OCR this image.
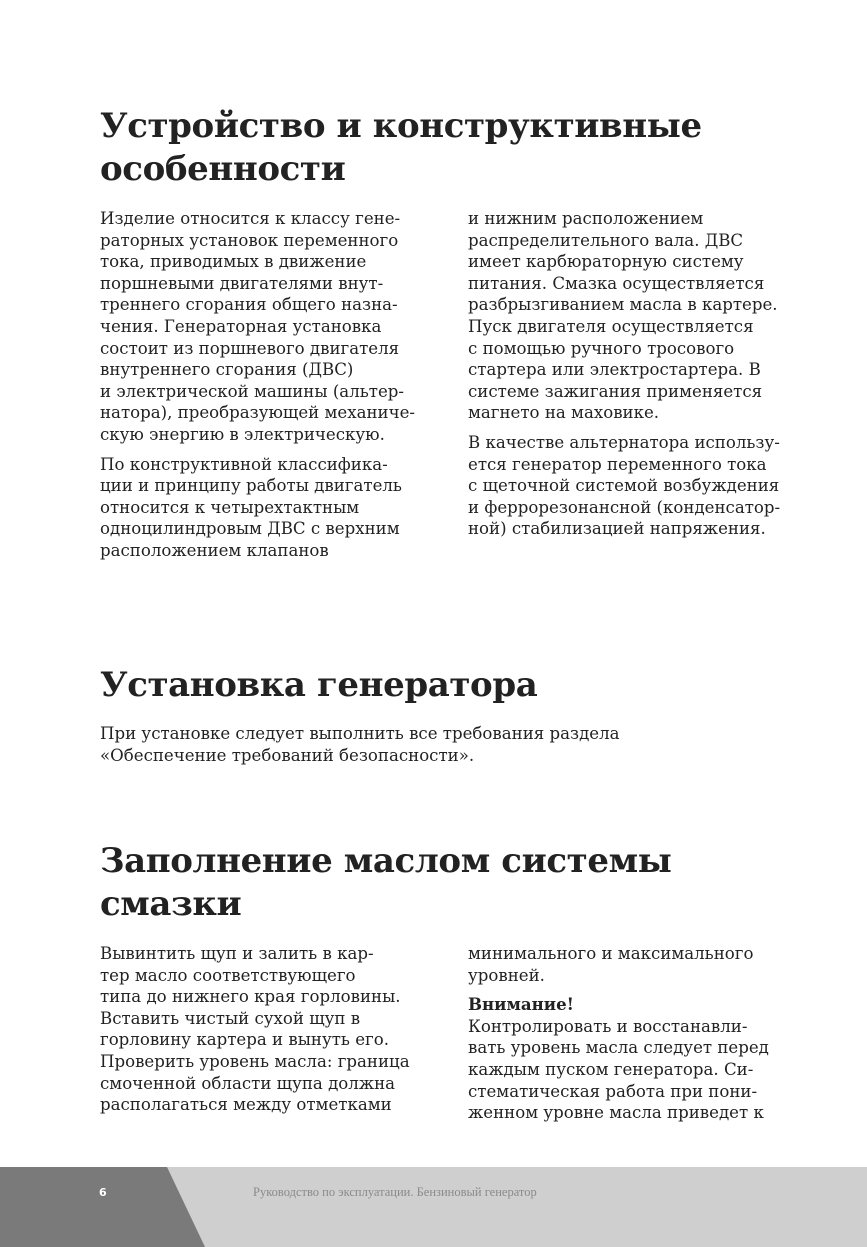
Устройство и конструктивные
особенности

Изделие относится к классу гене-
раторных установок переменного
тока, приводимых в движение
поршневыми двигателями внут-
треннего сгорания общего назна-
чения. Генераторная установка
состоит из поршневого двигателя
внутреннего сгорания (ДВС)
и электрической машины (альтер-
натора), преобразующей механиче-
скую энергию в электрическую.

По конструктивной классифика-
ции и принципу работы двигатель
относится к четырехтактным
одноцилиндровым ДВС с верхним
расположением клапанов

и нижним расположением
распределительного вала. ДВС
имеет карбюраторную систему
питания. Смазка осуществляется
разбрызгиванием масла в картере.
Пуск двигателя осуществляется
с помощью ручного тросового
стартера или электростартера. В
системе зажигания применяется
магнето на маховике.

В качестве альтернатора использу-
ется генератор переменного тока
с щеточной системой возбуждения
и феррорезонансной (конденсатор-
ной) стабилизацией напряжения.

Установка генератора

При установке следует выполнить все требования раздела
«Обеспечение требований безопасности».

Заполнение маслом системы
смазки

Вывинтить щуп и залить в кар-
тер масло соответствующего
типа до нижнего края горловины.
Вставить чистый сухой щуп в
горловину картера и вынуть его.
Проверить уровень масла: граница
смоченной области щупа должна
располагаться между отметками

минимального и максимального
уровней.

Внимание!
Контролировать и восстанавли-
вать уровень масла следует перед
каждым пуском генератора. Си-
стематическая работа при пони-
женном уровне масла приведет к

6	Руководство по эксплуатации. Бензиновый генератор
